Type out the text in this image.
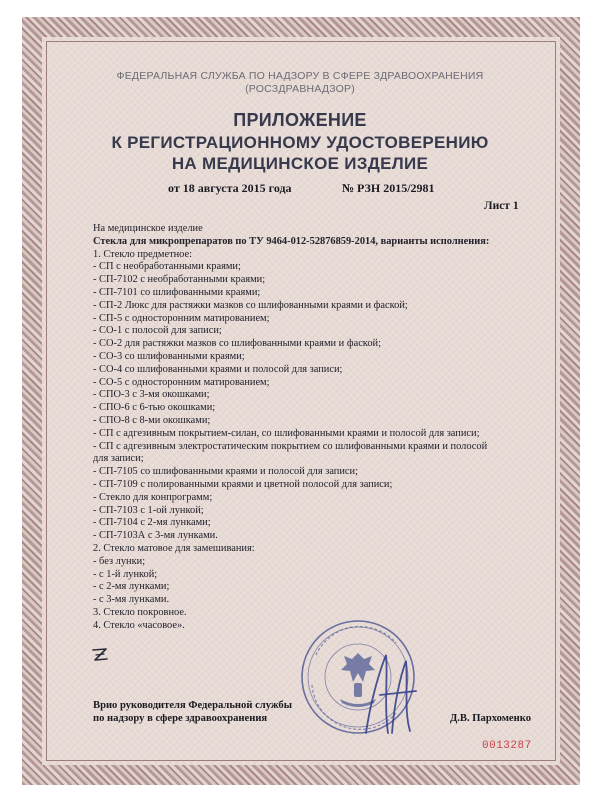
ФЕДЕРАЛЬНАЯ СЛУЖБА ПО НАДЗОРУ В СФЕРЕ ЗДРАВООХРАНЕНИЯ
(РОСЗДРАВНАДЗОР)
ПРИЛОЖЕНИЕ
К РЕГИСТРАЦИОННОМУ УДОСТОВЕРЕНИЮ
НА МЕДИЦИНСКОЕ ИЗДЕЛИЕ
от 18 августа 2015 года	№ РЗН 2015/2981
Лист 1
На медицинское изделие
Стекла для микропрепаратов по ТУ 9464-012-52876859-2014, варианты исполнения:
1. Стекло предметное:
- СП с необработанными краями;
- СП-7102 с необработанными краями;
- СП-7101 со шлифованными краями;
- СП-2 Люкс для растяжки мазков со шлифованными краями и фаской;
- СП-5 с односторонним матированием;
- СО-1 с полосой для записи;
- СО-2 для растяжки мазков со шлифованными краями и фаской;
- СО-3 со шлифованными краями;
- СО-4 со шлифованными краями и полосой для записи;
- СО-5 с односторонним матированием;
- СПО-3 с 3-мя окошками;
- СПО-6 с 6-тью окошками;
- СПО-8 с 8-ми окошками;
- СП с адгезивным покрытием-силан, со шлифованными краями и полосой для записи;
- СП с адгезивным электростатическим покрытием со шлифованными краями и полосой
для записи;
- СП-7105 со шлифованными краями и полосой для записи;
- СП-7109 с полированными краями и цветной полосой для записи;
- Стекло для конпрограмм;
- СП-7103 с 1-ой лункой;
- СП-7104 с 2-мя лунками;
- СП-7103А с 3-мя лунками.
2. Стекло матовое для замешивания:
- без лунки;
- с 1-й лункой;
- с 2-мя лунками;
- с 3-мя лунками.
3. Стекло покровное.
4. Стекло «часовое».
Врио руководителя Федеральной службы
по надзору в сфере здравоохранения	Д.В. Пархоменко
0013287
